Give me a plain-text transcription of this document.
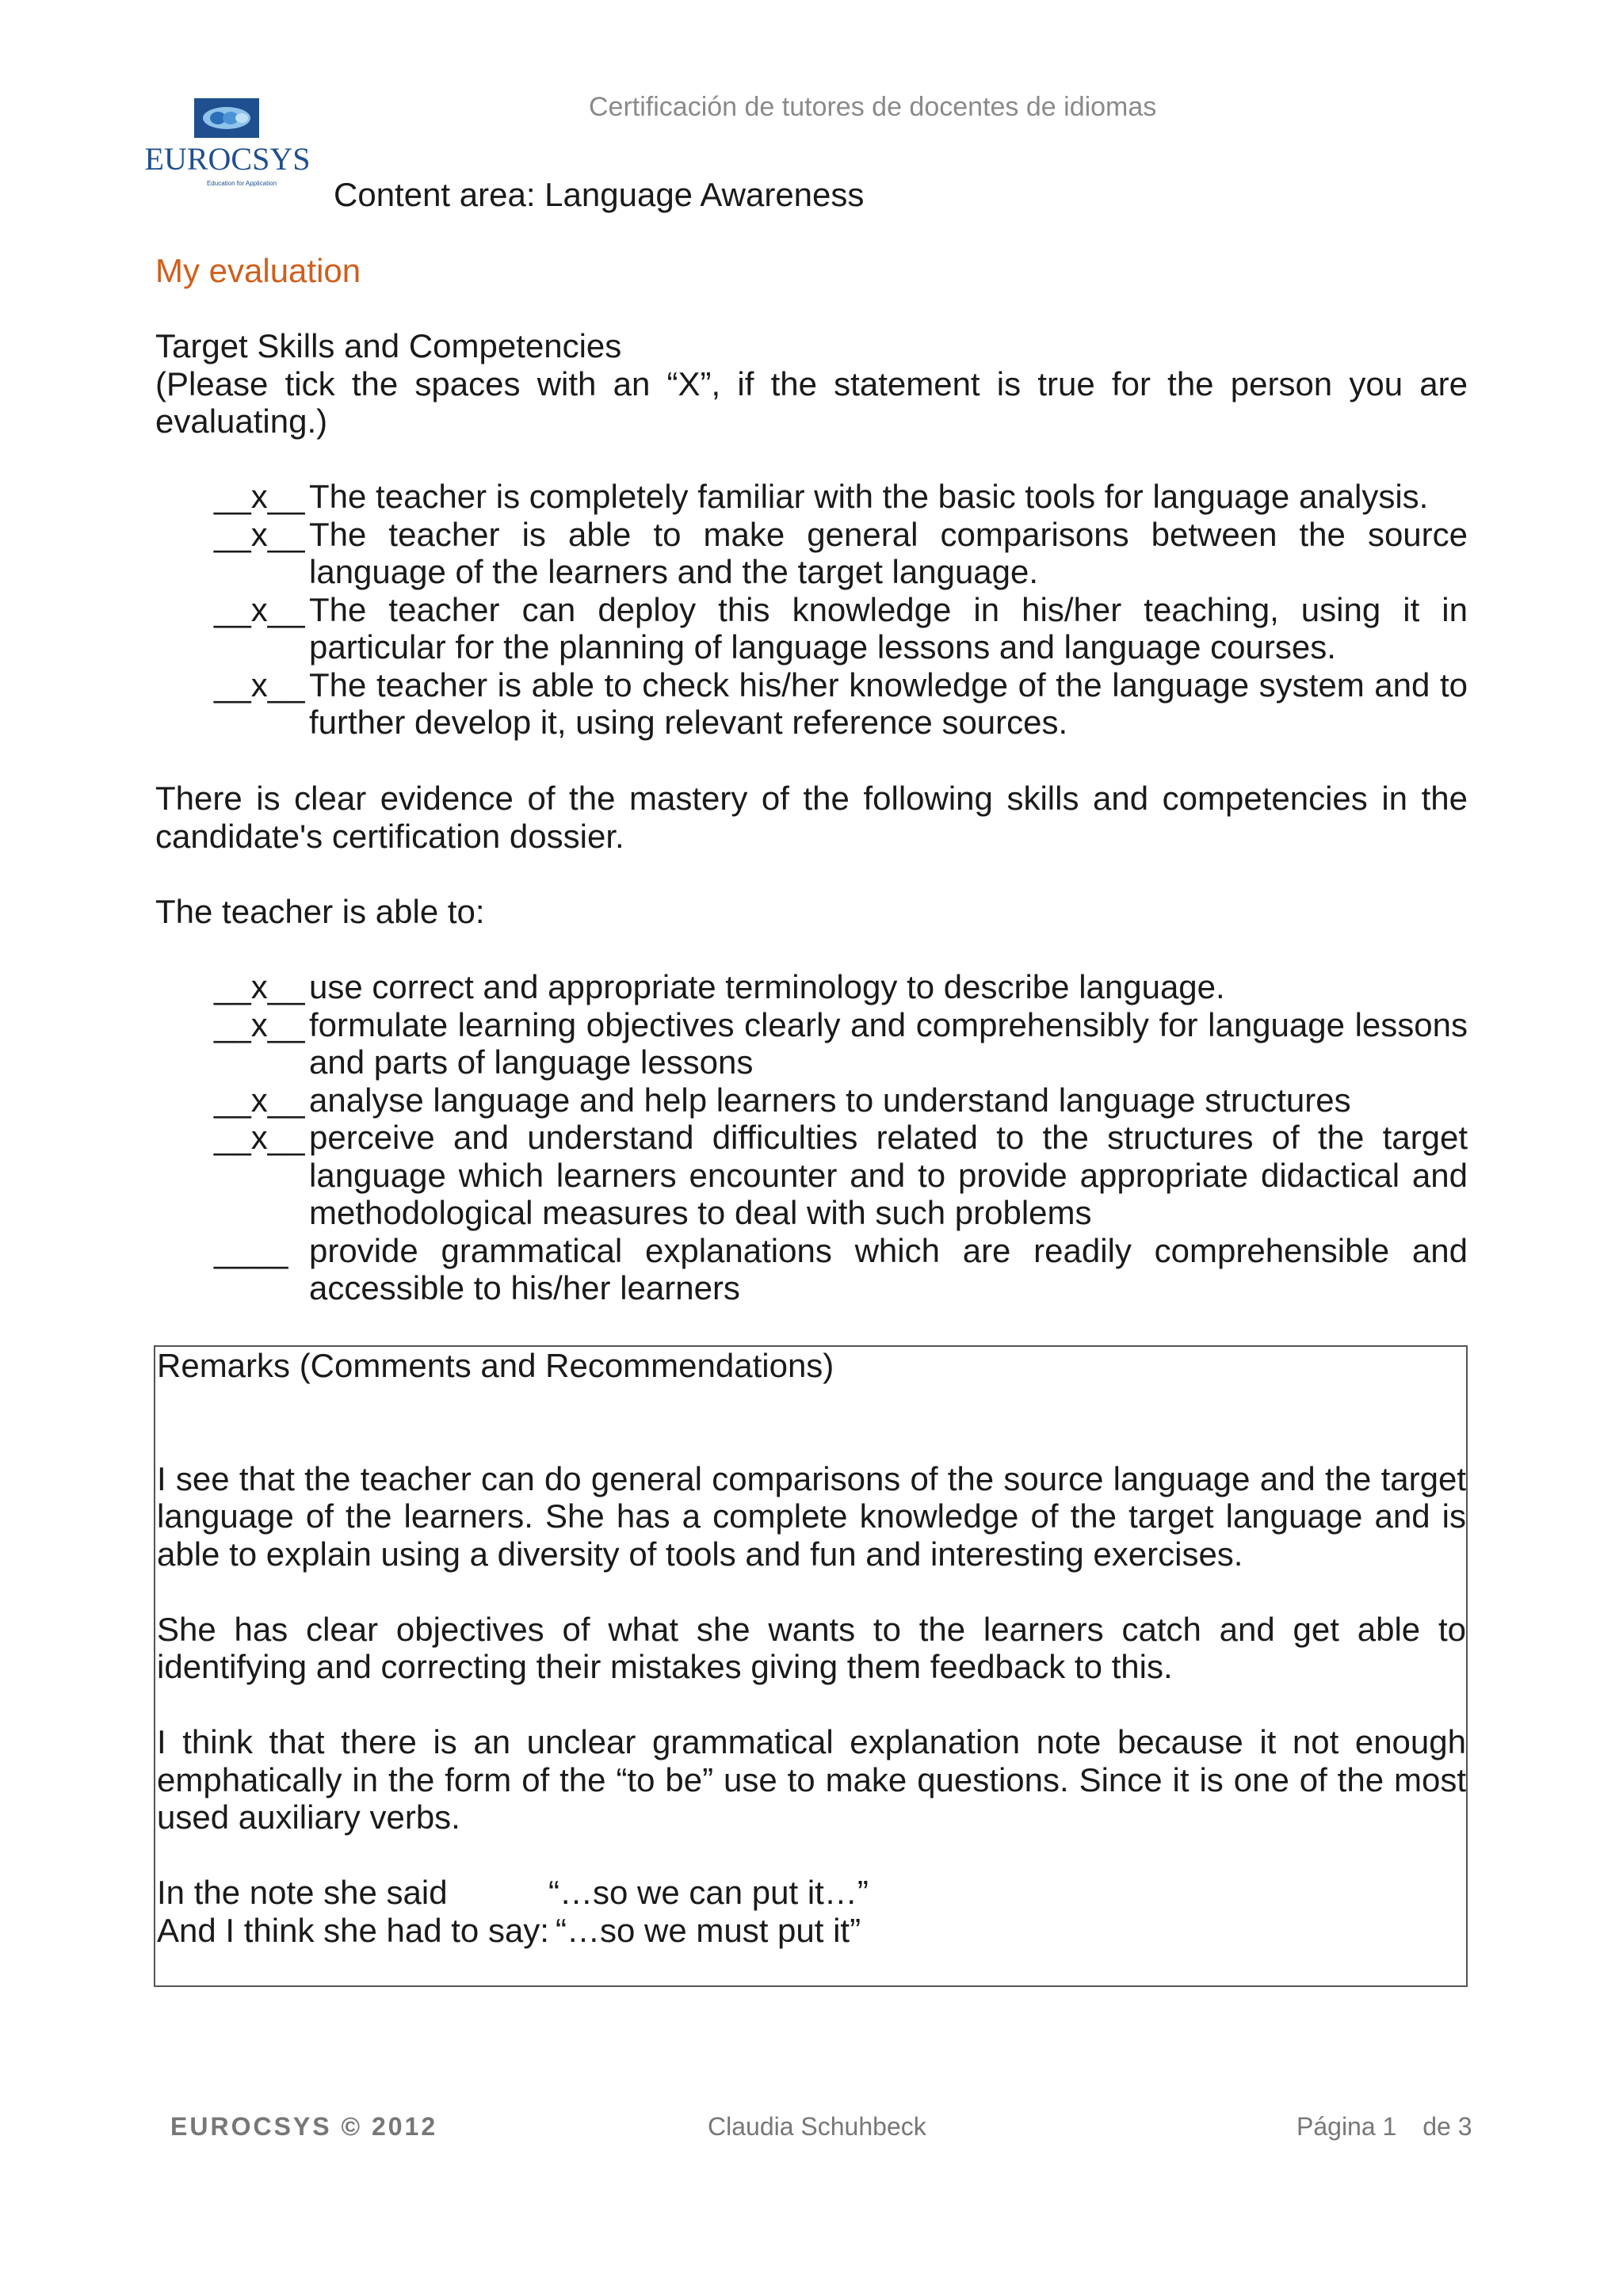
Certificación de tutores de docentes de idiomas
EUROCSYS
Education for Application Content area: Language Awareness
My evaluation
Target Skills and Competencies
(Please tick the spaces with an “X”, if the statement is true for the person you are evaluating.)
__x__ The teacher is completely familiar with the basic tools for language analysis.
__x__ The teacher is able to make general comparisons between the source language of the learners and the target language.
__x__ The teacher can deploy this knowledge in his/her teaching, using it in particular for the planning of language lessons and language courses.
__x__ The teacher is able to check his/her knowledge of the language system and to further develop it, using relevant reference sources.
There is clear evidence of the mastery of the following skills and competencies in the candidate's certification dossier.
The teacher is able to:
__x__ use correct and appropriate terminology to describe language.
__x__ formulate learning objectives clearly and comprehensibly for language lessons and parts of language lessons
__x__ analyse language and help learners to understand language structures
__x__ perceive and understand difficulties related to the structures of the target language which learners encounter and to provide appropriate didactical and methodological measures to deal with such problems
____ provide grammatical explanations which are readily comprehensible and accessible to his/her learners

Remarks (Comments and Recommendations)

I see that the teacher can do general comparisons of the source language and the target language of the learners. She has a complete knowledge of the target language and is able to explain using a diversity of tools and fun and interesting exercises.

She has clear objectives of what she wants to the learners catch and get able to identifying and correcting their mistakes giving them feedback to this.

I think that there is an unclear grammatical explanation note because it not enough emphatically in the form of the “to be” use to make questions. Since it is one of the most used auxiliary verbs.

In the note she said	“…so we can put it…”
And I think she had to say: “…so we must put it”
EUROCSYS © 2012	Claudia Schuhbeck	Página 1 de 3
